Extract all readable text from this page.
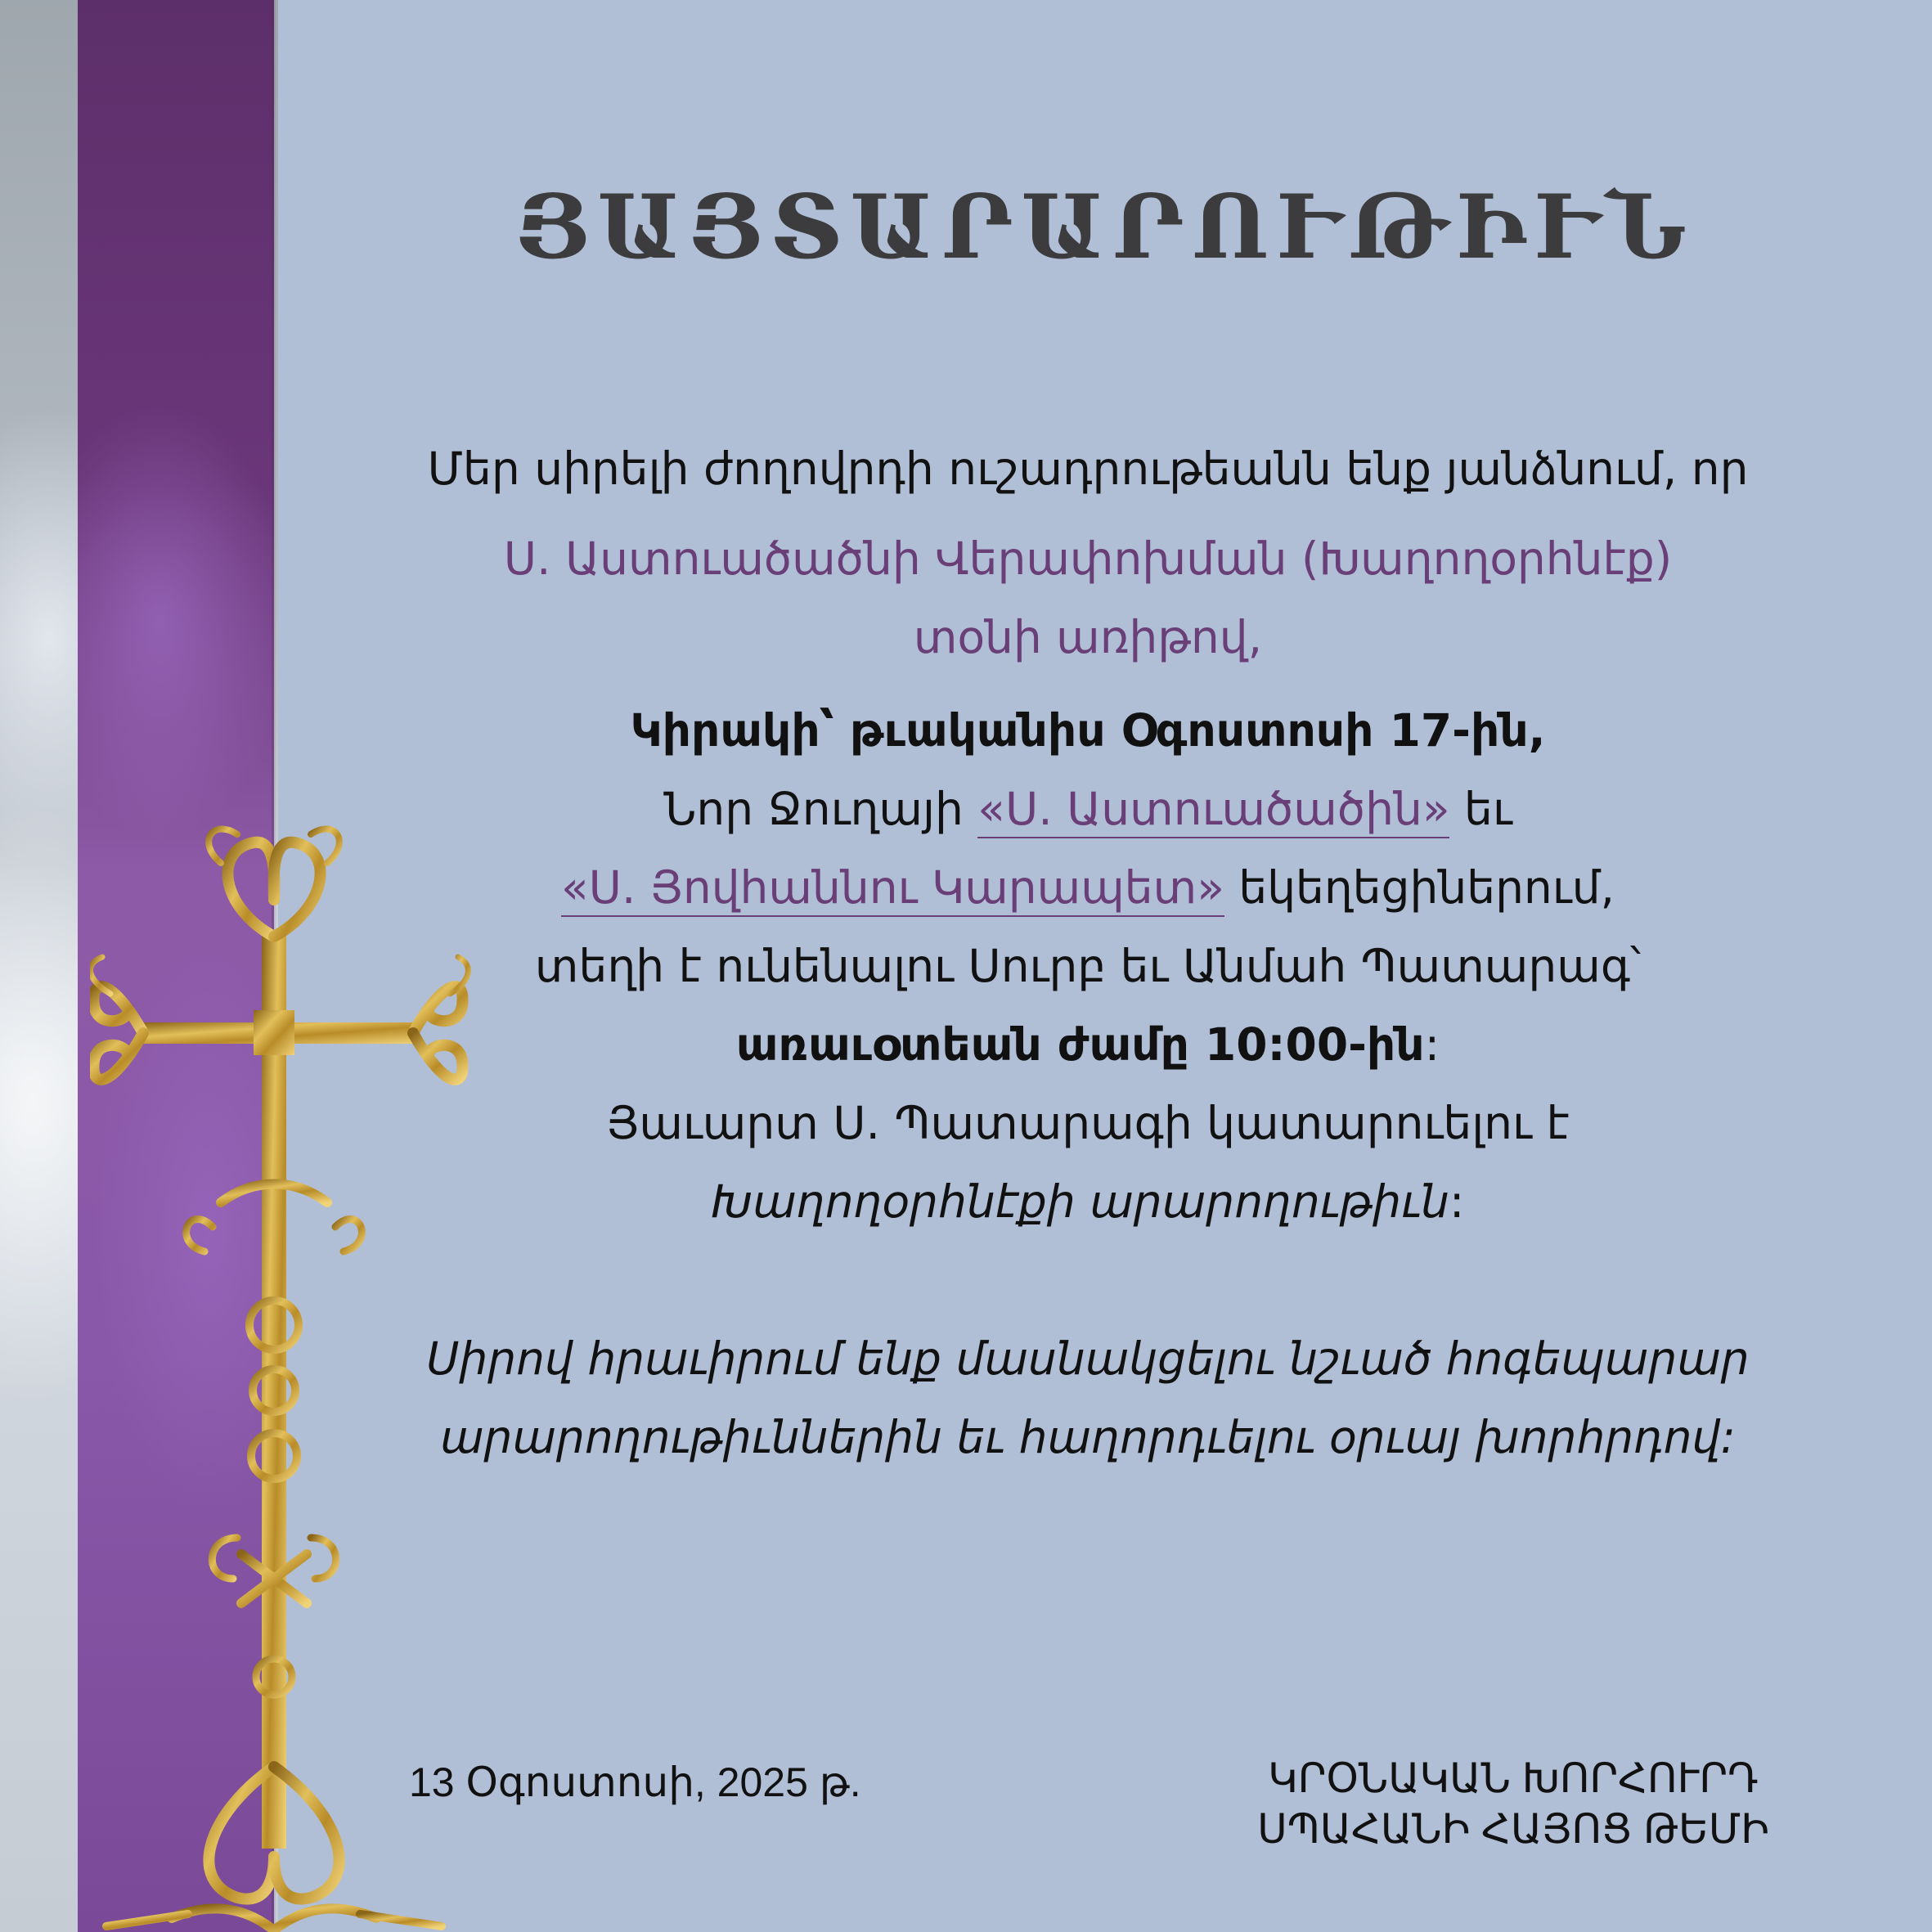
ՅԱՅՏԱՐԱՐՈՒԹԻՒՆ
Մեր սիրելի ժողովրդի ուշադրութեանն ենք յանձնում, որ
Ս. Աստուածածնի Վերափոխման (Խաղողօրհնէք)
տօնի առիթով,
Կիրակի՝ թւականիս Օգոստոսի 17-ին,
Նոր Ջուղայի «Ս. Աստուածածին» եւ
«Ս. Յովհաննու Կարապետ» եկեղեցիներում,
տեղի է ունենալու Սուրբ եւ Անմահ Պատարագ՝
առաւօտեան ժամը 10:00-ին:
Յաւարտ Ս. Պատարագի կատարուելու է
Խաղողօրհնէքի արարողութիւն:
Սիրով հրաւիրում ենք մասնակցելու նշւած հոգեպարար
արարողութիւններին եւ հաղորդւելու օրւայ խորհրդով:
13 Օգոստոսի, 2025 թ.	ԿՐՕՆԱԿԱՆ ԽՈՐՀՈՒՐԴ
ՍՊԱՀԱՆԻ ՀԱՅՈՑ ԹԵՄԻ
